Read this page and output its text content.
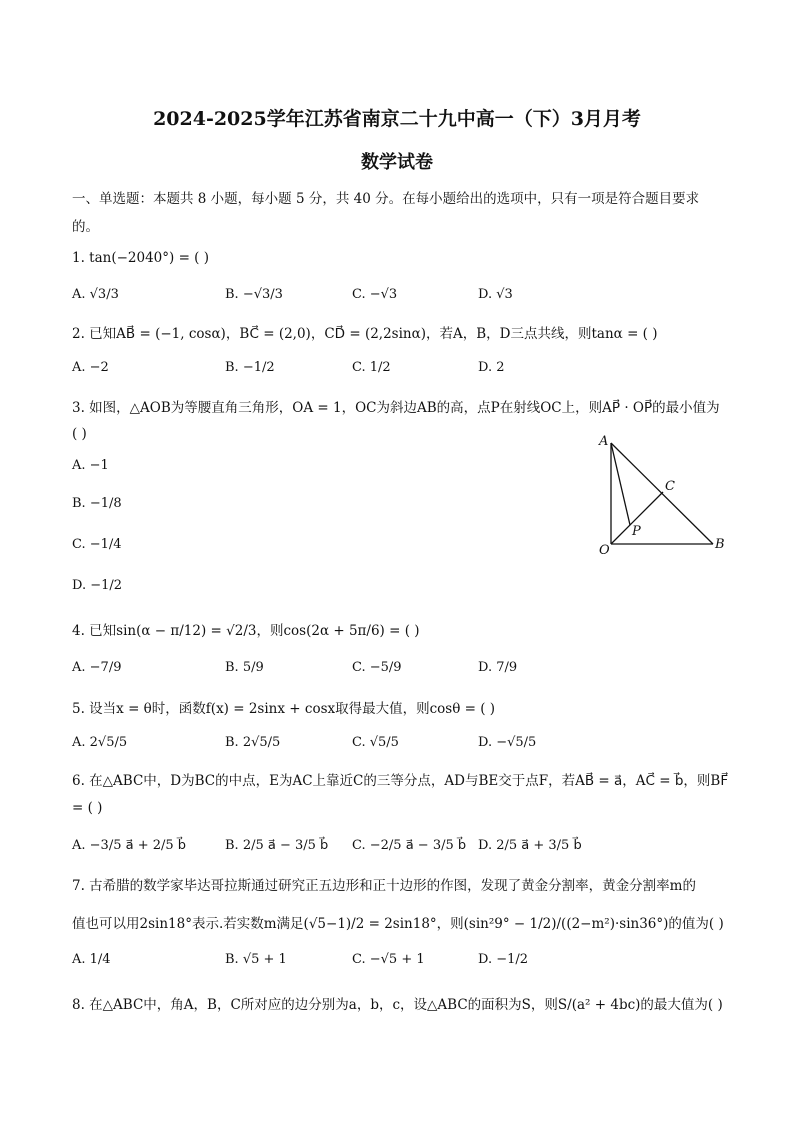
2024-2025学年江苏省南京二十九中高一（下）3月月考
数学试卷
一、单选题：本题共 8 小题，每小题 5 分，共 40 分。在每小题给出的选项中，只有一项是符合题目要求
的。
1. tan(−2040°) = ( )
A. √3/3	B. −√3/3	C. −√3	D. √3
2. 已知AB⃗ = (−1, cosα)，BC⃗ = (2,0)，CD⃗ = (2,2sinα)，若A，B，D三点共线，则tanα = ( )
A. −2	B. −1/2	C. 1/2	D. 2
3. 如图，△AOB为等腰直角三角形，OA = 1，OC为斜边AB的高，点P在射线OC上，则AP⃗ · OP⃗的最小值为
( )
A. −1
B. −1/8
C. −1/4
D. −1/2
A
C
P
O	B
4. 已知sin(α − π/12) = √2/3，则cos(2α + 5π/6) = ( )
A. −7/9	B. 5/9	C. −5/9	D. 7/9
5. 设当x = θ时，函数f(x) = 2sinx + cosx取得最大值，则cosθ = ( )
A. 2√5/5	B. 2√5/5	C. √5/5	D. −√5/5
6. 在△ABC中，D为BC的中点，E为AC上靠近C的三等分点，AD与BE交于点F，若AB⃗ = a⃗，AC⃗ = b⃗，则BF⃗
= ( )
A. −3/5 a⃗ + 2/5 b⃗	B. 2/5 a⃗ − 3/5 b⃗ C. −2/5 a⃗ − 3/5 b⃗ D. 2/5 a⃗ + 3/5 b⃗
7. 古希腊的数学家毕达哥拉斯通过研究正五边形和正十边形的作图，发现了黄金分割率，黄金分割率m的
值也可以用2sin18°表示.若实数m满足(√5−1)/2 = 2sin18°，则(sin²9° − 1/2)/((2−m²)·sin36°)的值为( )
A. 1/4	B. √5 + 1	C. −√5 + 1	D. −1/2
8. 在△ABC中，角A，B，C所对应的边分别为a，b，c，设△ABC的面积为S，则S/(a² + 4bc)的最大值为( )
